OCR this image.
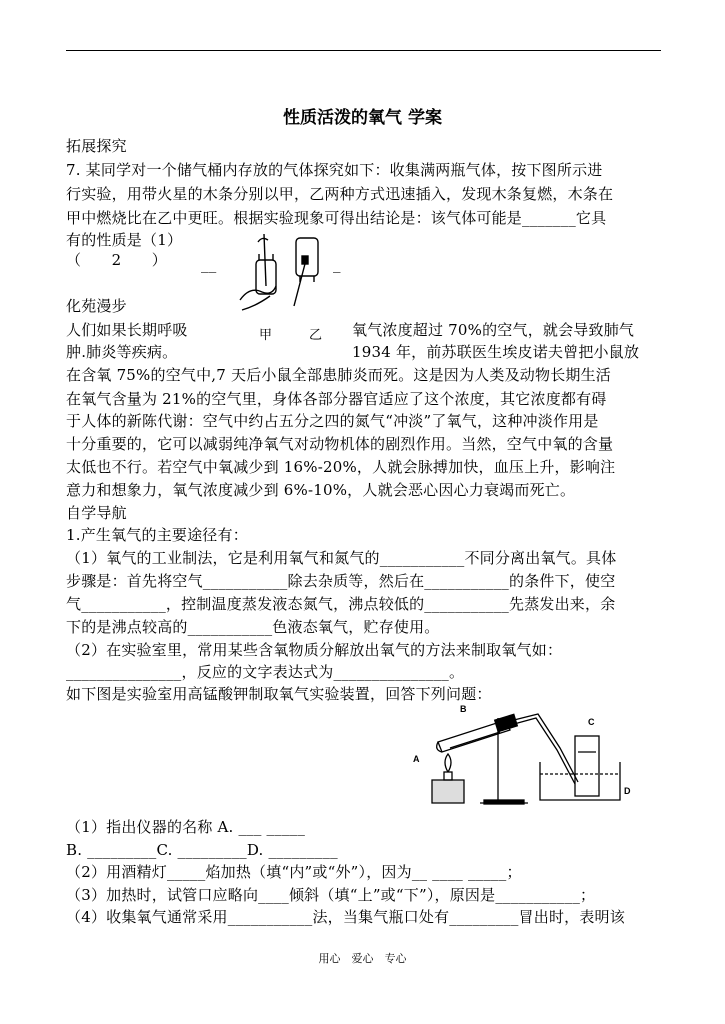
性质活泼的氧气 学案
拓展探究
7. 某同学对一个储气桶内存放的气体探究如下：收集满两瓶气体，按下图所示进
行实验，用带火星的木条分别以甲，乙两种方式迅速插入，发现木条复燃，木条在
甲中燃烧比在乙中更旺。根据实验现象可得出结论是：该气体可能是_______它具
有的性质是（1）
（　　2　　） __	_
化苑漫步
人们如果长期呼吸	氧气浓度超过 70%的空气，就会导致肺气
甲	乙
肿.肺炎等疾病。	1934 年，前苏联医生埃皮诺夫曾把小鼠放
在含氧 75%的空气中,7 天后小鼠全部患肺炎而死。这是因为人类及动物长期生活
在氧气含量为 21%的空气里，身体各部分器官适应了这个浓度，其它浓度都有碍
于人体的新陈代谢：空气中约占五分之四的氮气“冲淡”了氧气，这种冲淡作用是
十分重要的，它可以减弱纯净氧气对动物机体的剧烈作用。当然，空气中氧的含量
太低也不行。若空气中氧减少到 16%-20%，人就会脉搏加快，血压上升，影响注
意力和想象力，氧气浓度减少到 6%-10%，人就会恶心因心力衰竭而死亡。
自学导航
1.产生氧气的主要途径有：
（1）氧气的工业制法，它是利用氧气和氮气的___________不同分离出氧气。具体
步骤是：首先将空气___________除去杂质等，然后在___________的条件下，使空
气___________，控制温度蒸发液态氮气，沸点较低的___________先蒸发出来，余
下的是沸点较高的___________色液态氧气，贮存使用。
（2）在实验室里，常用某些含氧物质分解放出氧气的方法来制取氧气如：
_______________，反应的文字表达式为_______________。
如下图是实验室用高锰酸钾制取氧气实验装置，回答下列问题：
A
B
C
D
（1）指出仪器的名称 A. ___ _____
B. _________C. _________D. _________
（2）用酒精灯_____焰加热（填“内”或“外”），因为__ ____ _____；
（3）加热时，试管口应略向____倾斜（填“上”或“下”），原因是___________；
（4）收集氧气通常采用___________法，当集气瓶口处有_________冒出时，表明该
用心　爱心　专心
